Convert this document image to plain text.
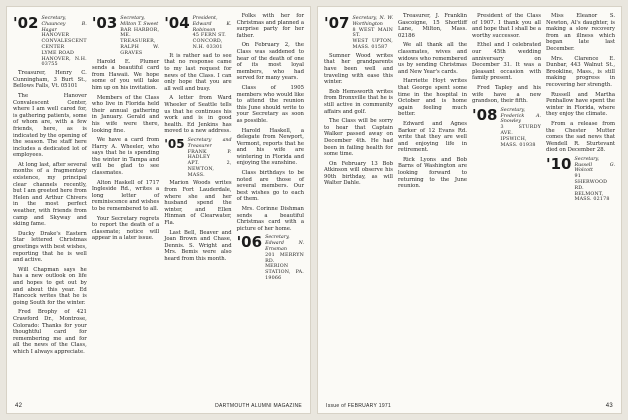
'02 Secretary, Chauncey B. Hagar
HANOVER CONVALESCENT CENTER
LYME ROAD
HANOVER, N.H. 03755

Treasurer, Henry C. Cunningham, 3 Burt St., Bellows Falls, Vt. 05101

The Hanover Convalescent Center, where I am well cared for, is gathering patients, some of whom are, with a few friends, here, as is indicated by the opening of the season. The staff here includes a dedicated lot of employees.

At long last, after several months of a fragmentary existence, my principal clear channels recently, but I am greeted here from Helen and Arthur Chivers in the most perfect weather, with friends from camp and Skyway and skiing fame.

Ducky Drake's Eastern Star lettered Christmas greetings with best wishes, reporting that he is well and active.

Will Chapman says he has a new outlook on life and hopes to get out by and about this year. Ed Hancock writes that he is going South for the winter.

Fred Brophy of 421 Crawford Dr., Montrose, Colorado: Thanks for your thoughtful card for remembering me and for all the news of the Class, which I always appreciate.

'03 Secretary, Milton T. Sweet
BAR HARBOR, ME.
TREASURER, RALPH W. GRAVES

Harold E. Plumer sends a beautiful card from Hawaii. We hope some of you will take him up on his invitation.

Members of the Class who live in Florida held their annual gathering in January. Gerald and his wife were there, looking fine.

We have a card from Harry A. Wheeler, who says that he is spending the winter in Tampa and will be glad to see classmates.

Alton Haskell of 1717 Ingleside Rd., writes a long letter of reminiscence and wishes to be remembered to all.

Your Secretary regrets to report the death of a classmate; notice will appear in a later issue.

'04 President, Edward K. Robinson
45 FERN ST.
CONCORD, N.H. 03301

It is rather sad to see that no response came to my last request for news of the Class. I can only hope that you are all well and busy.

A letter from Ward Wheeler of Seattle tells us that he continues his work and is in good health. Ed Jenkins has moved to a new address.

'05 Secretary and Treasurer
FRANK P. HADLEY
APT. 2, NEWTON, MASS.

Marion Woods writes from Fort Lauderdale, where she and her husband spend the winter, and Ellen Hinman of Clearwater, Fla.

Last Bell, Beaver and Joan Brown and Chase, Dennis. S. Wright and Mrs. Bemis were also heard from this month.

Folks with her for Christmas and planned a surprise party for her father.

On February 2, the Class was saddened to hear of the death of one of its most loyal members, who had served for many years.

Class of 1905 members who would like to attend the reunion this June should write to your Secretary as soon as possible.

Harold Haskell, a delegate from Newport, Vermont, reports that he and his wife are wintering in Florida and enjoying the sunshine.

Class birthdays to be noted are those of several members. Our best wishes go to each of them.

Mrs. Corinne Dishman sends a beautiful Christmas card with a picture of her home.

'06 Secretary, Edward N. Ernsman
201 MERRYN RD.
MERION STATION, PA. 19066
42	DARTMOUTH ALUMNI MAGAZINE
'07 Secretary, N. W. Worthington
8 WEST MAIN ST.
WEST UPTON, MASS. 01587

Sumner Wood writes that her grandparents have been well and traveling with ease this winter.

Bob Hemsworth writes from Bronxville that he is still active in community affairs and golf.

The Class will be sorry to hear that Captain Walker passed away on December 4th. He had been in failing health for some time.

On February 13 Bob Atkinson will observe his 90th birthday, as will Walter Dahle.

Treasurer, J. Franklin Gascoigne, 15 Shortliff Lane, Milton, Mass. 02186

We all thank all the classmates, wives and widows who remembered us by sending Christmas and New Year's cards.

Harriette Hoyt writes that George spent some time in the hospital in October and is home again feeling much better.

Edward and Agnes Barker of 12 Evans Rd. write that they are well and enjoying life in retirement.

Rick Lyons and Bob Barns of Washington are looking forward to returning to the June reunion.

President of the Class of 1907. I thank you all and hope that I shall be a worthy successor.

Ethel and I celebrated our 45th wedding anniversary on December 31. It was a pleasant occasion with family present.

Fred Tapley and his wife have a new grandson, their fifth.

'08 Secretary, Frederick A. Snowley
3 STURDY AVE.
IPSWICH, MASS. 01938

Miss Eleanor S. Newton, Al's daughter, is making a slow recovery from an illness which began late last December.

Mrs. Clarence E. Dunbar, 443 Walnut St., Brookline, Mass., is still making progress in recovering her strength.

Russell and Martha Penhallow have spent the winter in Florida, where they enjoy the climate.

From a release from the Chester Mutter comes the sad news that Wendell R. Sturtevant died on December 28.

'10 Secretary, Russell G. Wolcott
91 SHERWOOD RD.
BELMONT, MASS. 02178
Issue of FEBRUARY 1971	43
